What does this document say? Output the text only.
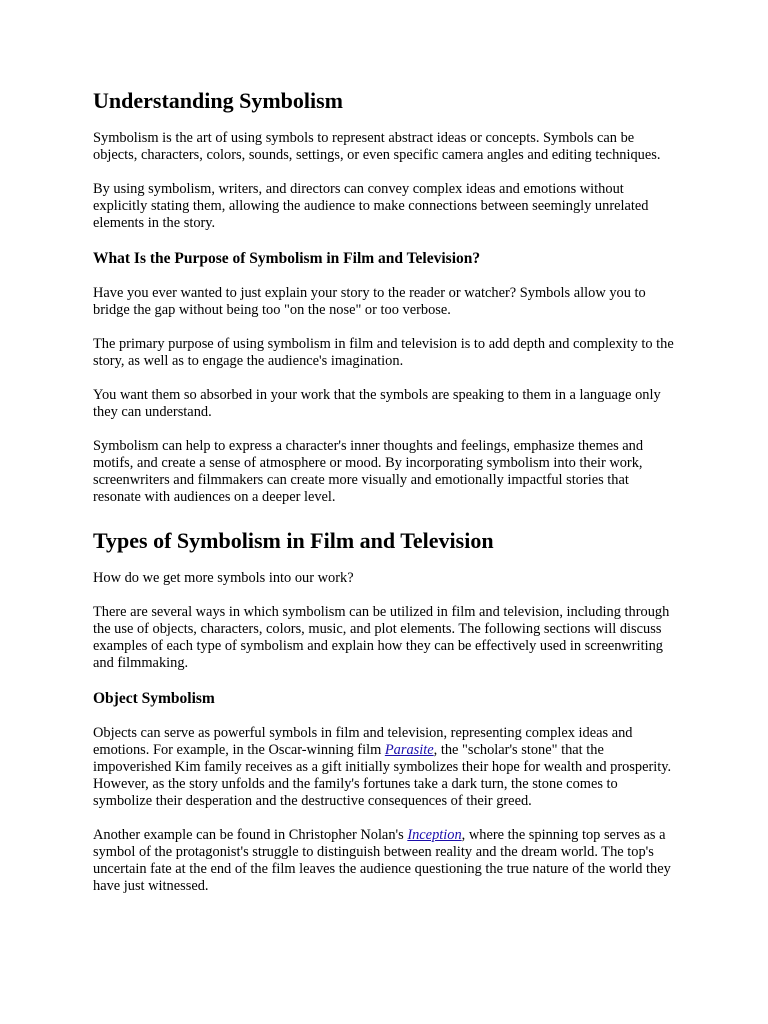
Understanding Symbolism

Symbolism is the art of using symbols to represent abstract ideas or concepts. Symbols can be objects, characters, colors, sounds, settings, or even specific camera angles and editing techniques.

By using symbolism, writers, and directors can convey complex ideas and emotions without explicitly stating them, allowing the audience to make connections between seemingly unrelated elements in the story.

What Is the Purpose of Symbolism in Film and Television?

Have you ever wanted to just explain your story to the reader or watcher? Symbols allow you to bridge the gap without being too "on the nose" or too verbose.

The primary purpose of using symbolism in film and television is to add depth and complexity to the story, as well as to engage the audience's imagination.

You want them so absorbed in your work that the symbols are speaking to them in a language only they can understand.

Symbolism can help to express a character's inner thoughts and feelings, emphasize themes and motifs, and create a sense of atmosphere or mood. By incorporating symbolism into their work, screenwriters and filmmakers can create more visually and emotionally impactful stories that resonate with audiences on a deeper level.

Types of Symbolism in Film and Television

How do we get more symbols into our work?

There are several ways in which symbolism can be utilized in film and television, including through the use of objects, characters, colors, music, and plot elements. The following sections will discuss examples of each type of symbolism and explain how they can be effectively used in screenwriting and filmmaking.

Object Symbolism

Objects can serve as powerful symbols in film and television, representing complex ideas and emotions. For example, in the Oscar-winning film Parasite, the "scholar's stone" that the impoverished Kim family receives as a gift initially symbolizes their hope for wealth and prosperity. However, as the story unfolds and the family's fortunes take a dark turn, the stone comes to symbolize their desperation and the destructive consequences of their greed.

Another example can be found in Christopher Nolan's Inception, where the spinning top serves as a symbol of the protagonist's struggle to distinguish between reality and the dream world. The top's uncertain fate at the end of the film leaves the audience questioning the true nature of the world they have just witnessed.
